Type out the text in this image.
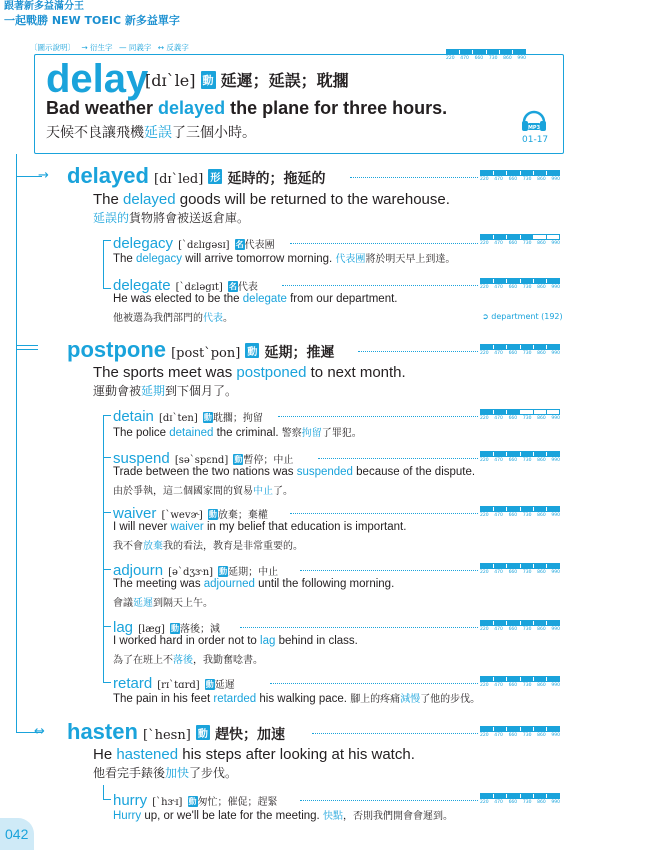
跟著新多益滿分王
一起戰勝 NEW TOEIC 新多益單字
〔圖示說明〕 → 衍生字 — 同義字 ↔ 反義字
220 470 660 730 860 990
delay
[dɪˋle] 動 延遲；延誤；耽擱
Bad weather delayed the plane for three hours.
天候不良讓飛機延誤了三個小時。	MP3
01-17
→ delayed [dɪˋled] 形 延時的；拖延的	220 470 660 730 860 990
The delayed goods will be returned to the warehouse.
延誤的貨物將會被送返倉庫。
delegacy [ˋdɛlɪgəsɪ] 名代表團	220 470 660 730 860 990
The delegacy will arrive tomorrow morning. 代表團將於明天早上到達。
delegate [ˋdɛləgɪt] 名代表	220 470 660 730 860 990
He was elected to be the delegate from our department.
他被選為我們部門的代表。	➲ department (192)
postpone [postˋpon] 動 延期；推遲	220 470 660 730 860 990
The sports meet was postponed to next month.
運動會被延期到下個月了。
detain [dɪˋten] 動耽擱；拘留	220 470 660 730 860 990
The police detained the criminal. 警察拘留了罪犯。
suspend [səˋspɛnd] 動暫停；中止	220 470 660 730 860 990
Trade between the two nations was suspended because of the dispute.
由於爭執，這二個國家間的貿易中止了。
waiver [ˋwevɚ] 動放棄；棄權	220 470 660 730 860 990
I will never waiver in my belief that education is important.
我不會放棄我的看法，教育是非常重要的。
adjourn [əˋdʒɝn] 動延期；中止	220 470 660 730 860 990
The meeting was adjourned until the following morning.
會議延遲到隔天上午。
lag [læg] 動落後；減	220 470 660 730 860 990
I worked hard in order not to lag behind in class.
為了在班上不落後，我勤奮唸書。
retard [rɪˋtɑrd] 動延遲	220 470 660 730 860 990
The pain in his feet retarded his walking pace. 腳上的疼痛減慢了他的步伐。
↔ hasten [ˋhesn] 動 趕快；加速	220 470 660 730 860 990
He hastened his steps after looking at his watch.
他看完手錶後加快了步伐。
hurry [ˋhɝɪ] 動匆忙；催促；趕緊	220 470 660 730 860 990
Hurry up, or we'll be late for the meeting. 快點，否則我們開會會遲到。
042
